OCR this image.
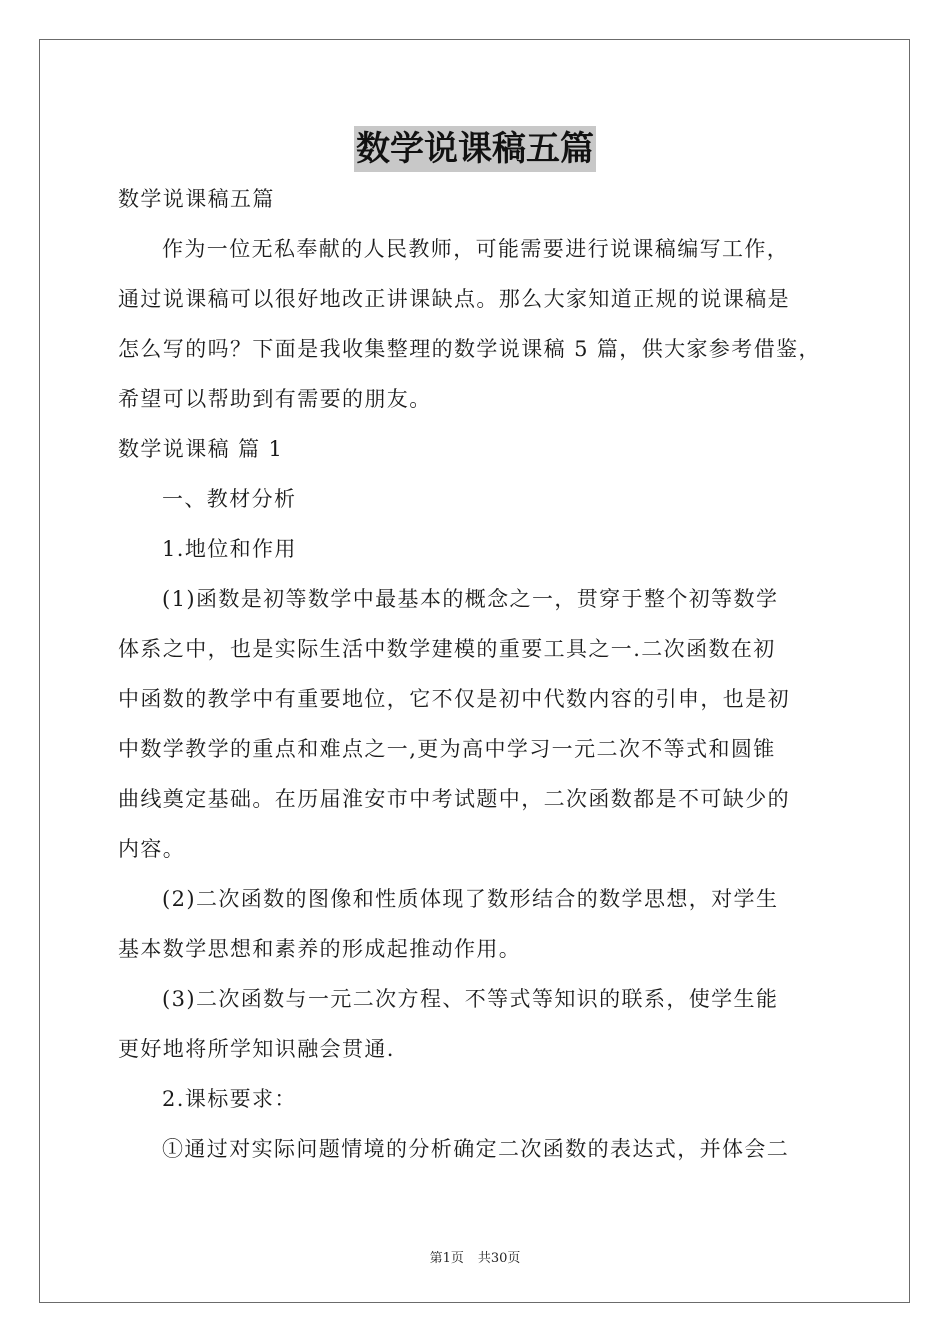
数学说课稿五篇
数学说课稿五篇
作为一位无私奉献的人民教师，可能需要进行说课稿编写工作，
通过说课稿可以很好地改正讲课缺点。那么大家知道正规的说课稿是
怎么写的吗？下面是我收集整理的数学说课稿 5 篇，供大家参考借鉴，
希望可以帮助到有需要的朋友。
数学说课稿 篇 1
一、教材分析
1.地位和作用
(1)函数是初等数学中最基本的概念之一，贯穿于整个初等数学
体系之中，也是实际生活中数学建模的重要工具之一.二次函数在初
中函数的教学中有重要地位，它不仅是初中代数内容的引申，也是初
中数学教学的重点和难点之一,更为高中学习一元二次不等式和圆锥
曲线奠定基础。在历届淮安市中考试题中，二次函数都是不可缺少的
内容。
(2)二次函数的图像和性质体现了数形结合的数学思想，对学生
基本数学思想和素养的形成起推动作用。
(3)二次函数与一元二次方程、不等式等知识的联系，使学生能
更好地将所学知识融会贯通.
2.课标要求：
①通过对实际问题情境的分析确定二次函数的表达式，并体会二
第1页 共30页
